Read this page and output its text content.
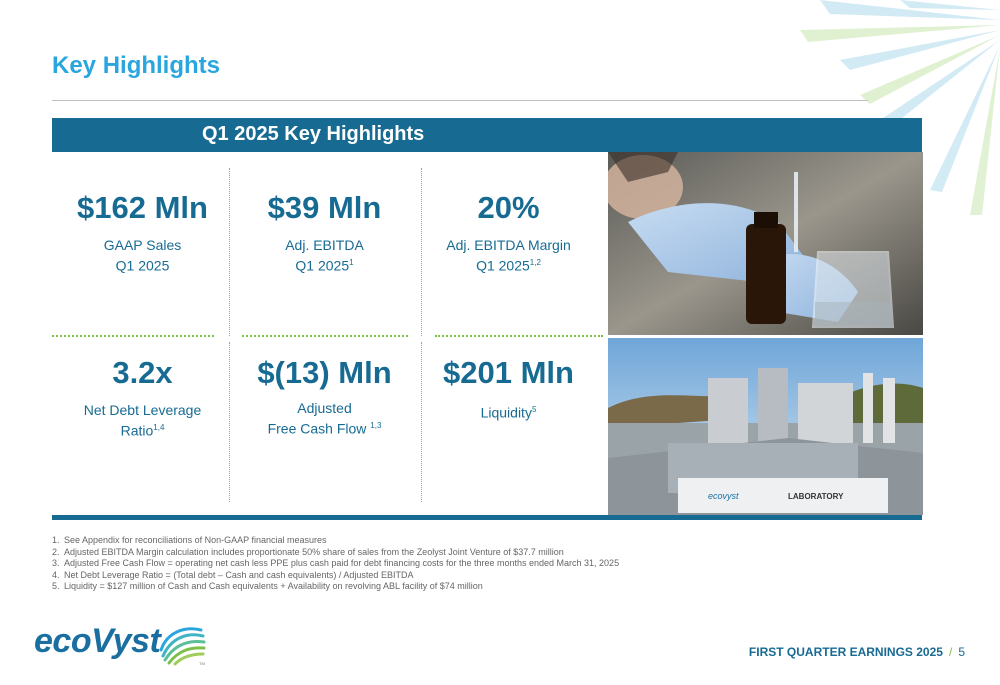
Key Highlights
Q1 2025 Key Highlights
$162 Mln
GAAP Sales
Q1 2025
$39 Mln
Adj. EBITDA
Q1 2025$^1$
20%
Adj. EBITDA Margin
Q1 2025$^{1,2}$
3.2x
Net Debt Leverage
Ratio$^{1,4}$
$(13) Mln
Adjusted
Free Cash Flow $^{1,3}$
$201 Mln
Liquidity$^5$
ecovyst	LABORATORY
1. See Appendix for reconciliations of Non-GAAP financial measures
2. Adjusted EBITDA Margin calculation includes proportionate 50% share of sales from the Zeolyst Joint Venture of $37.7 million
3. Adjusted Free Cash Flow = operating net cash less PPE plus cash paid for debt financing costs for the three months ended March 31, 2025
4. Net Debt Leverage Ratio = (Total debt – Cash and cash equivalents) / Adjusted EBITDA
5. Liquidity = $127 million of Cash and Cash equivalents + Availability on revolving ABL facility of $74 million
ecoVyst
TM
FIRST QUARTER EARNINGS 2025 / 5
